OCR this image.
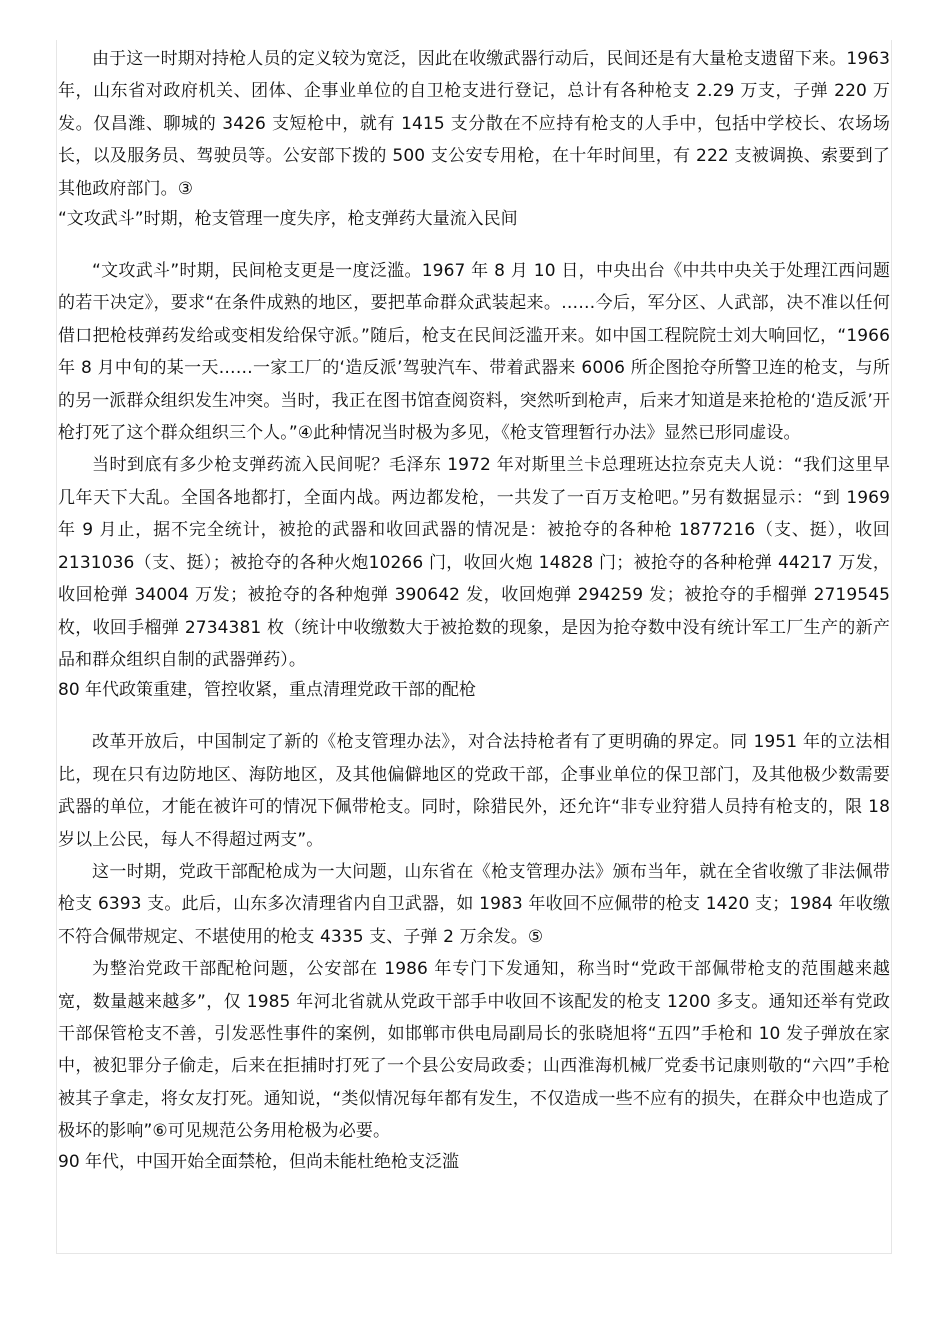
由于这一时期对持枪人员的定义较为宽泛，因此在收缴武器行动后，民间还是有大量枪支遗留下来。1963 年，山东省对政府机关、团体、企事业单位的自卫枪支进行登记，总计有各种枪支 2.29 万支，子弹 220 万发。仅昌潍、聊城的 3426 支短枪中，就有 1415 支分散在不应持有枪支的人手中，包括中学校长、农场场长，以及服务员、驾驶员等。公安部下拨的 500 支公安专用枪，在十年时间里，有 222 支被调换、索要到了其他政府部门。③

“文攻武斗”时期，枪支管理一度失序，枪支弹药大量流入民间

“文攻武斗”时期，民间枪支更是一度泛滥。1967 年 8 月 10 日，中央出台《中共中央关于处理江西问题的若干决定》，要求“在条件成熟的地区，要把革命群众武装起来。……今后，军分区、人武部，决不准以任何借口把枪枝弹药发给或变相发给保守派。”随后，枪支在民间泛滥开来。如中国工程院院士刘大响回忆，“1966 年 8 月中旬的某一天……一家工厂的‘造反派’驾驶汽车、带着武器来 6006 所企图抢夺所警卫连的枪支，与所的另一派群众组织发生冲突。当时，我正在图书馆查阅资料，突然听到枪声，后来才知道是来抢枪的‘造反派’开枪打死了这个群众组织三个人。”④此种情况当时极为多见，《枪支管理暂行办法》显然已形同虚设。

当时到底有多少枪支弹药流入民间呢？毛泽东 1972 年对斯里兰卡总理班达拉奈克夫人说：“我们这里早几年天下大乱。全国各地都打，全面内战。两边都发枪，一共发了一百万支枪吧。”另有数据显示：“到 1969 年 9 月止，据不完全统计，被抢的武器和收回武器的情况是：被抢夺的各种枪 1877216（支、挺），收回2131036（支、挺）；被抢夺的各种火炮10266 门，收回火炮 14828 门；被抢夺的各种枪弹 44217 万发，收回枪弹 34004 万发；被抢夺的各种炮弹 390642 发，收回炮弹 294259 发；被抢夺的手榴弹 2719545 枚，收回手榴弹 2734381 枚（统计中收缴数大于被抢数的现象，是因为抢夺数中没有统计军工厂生产的新产品和群众组织自制的武器弹药）。

80 年代政策重建，管控收紧，重点清理党政干部的配枪

改革开放后，中国制定了新的《枪支管理办法》，对合法持枪者有了更明确的界定。同 1951 年的立法相比，现在只有边防地区、海防地区，及其他偏僻地区的党政干部，企事业单位的保卫部门，及其他极少数需要武器的单位，才能在被许可的情况下佩带枪支。同时，除猎民外，还允许“非专业狩猎人员持有枪支的，限 18 岁以上公民，每人不得超过两支”。

这一时期，党政干部配枪成为一大问题，山东省在《枪支管理办法》颁布当年，就在全省收缴了非法佩带枪支 6393 支。此后，山东多次清理省内自卫武器，如 1983 年收回不应佩带的枪支 1420 支；1984 年收缴不符合佩带规定、不堪使用的枪支 4335 支、子弹 2 万余发。⑤

为整治党政干部配枪问题，公安部在 1986 年专门下发通知，称当时“党政干部佩带枪支的范围越来越宽，数量越来越多”，仅 1985 年河北省就从党政干部手中收回不该配发的枪支 1200 多支。通知还举有党政干部保管枪支不善，引发恶性事件的案例，如邯郸市供电局副局长的张晓旭将“五四”手枪和 10 发子弹放在家中，被犯罪分子偷走，后来在拒捕时打死了一个县公安局政委；山西淮海机械厂党委书记康则敬的“六四”手枪被其子拿走，将女友打死。通知说，“类似情况每年都有发生，不仅造成一些不应有的损失，在群众中也造成了极坏的影响”⑥可见规范公务用枪极为必要。

90 年代，中国开始全面禁枪，但尚未能杜绝枪支泛滥
